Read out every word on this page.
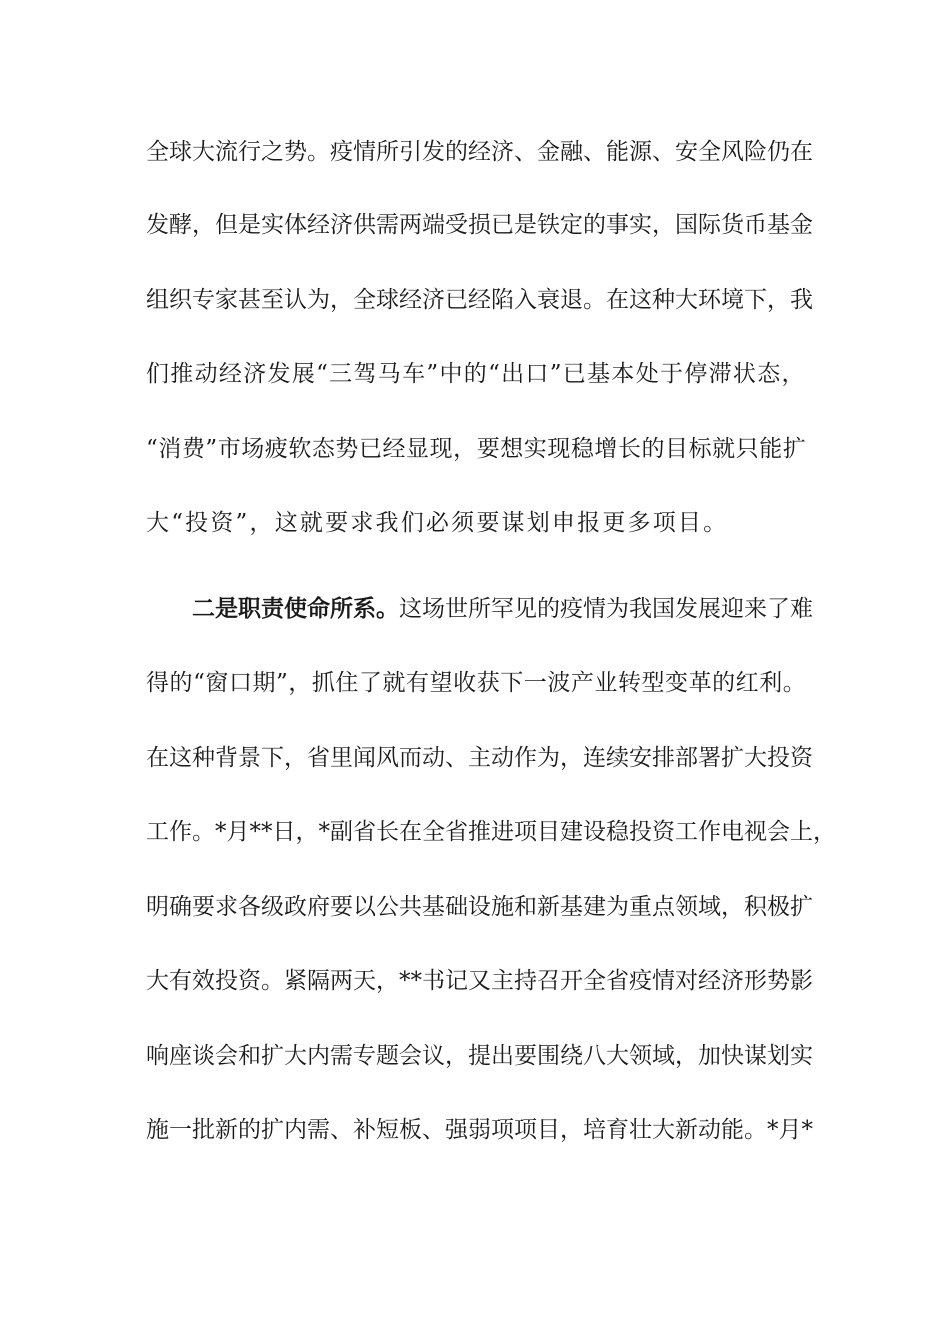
全球大流行之势。疫情所引发的经济、金融、能源、安全风险仍在
发酵，但是实体经济供需两端受损已是铁定的事实，国际货币基金
组织专家甚至认为，全球经济已经陷入衰退。在这种大环境下，我
们推动经济发展“三驾马车”中的“出口”已基本处于停滞状态，
“消费”市场疲软态势已经显现，要想实现稳增长的目标就只能扩
大“投资”，这就要求我们必须要谋划申报更多项目。
二是职责使命所系。这场世所罕见的疫情为我国发展迎来了难
得的“窗口期”，抓住了就有望收获下一波产业转型变革的红利。
在这种背景下，省里闻风而动、主动作为，连续安排部署扩大投资
工作。*月**日，*副省长在全省推进项目建设稳投资工作电视会上，
明确要求各级政府要以公共基础设施和新基建为重点领域，积极扩
大有效投资。紧隔两天，**书记又主持召开全省疫情对经济形势影
响座谈会和扩大内需专题会议，提出要围绕八大领域，加快谋划实
施一批新的扩内需、补短板、强弱项项目，培育壮大新动能。*月*
